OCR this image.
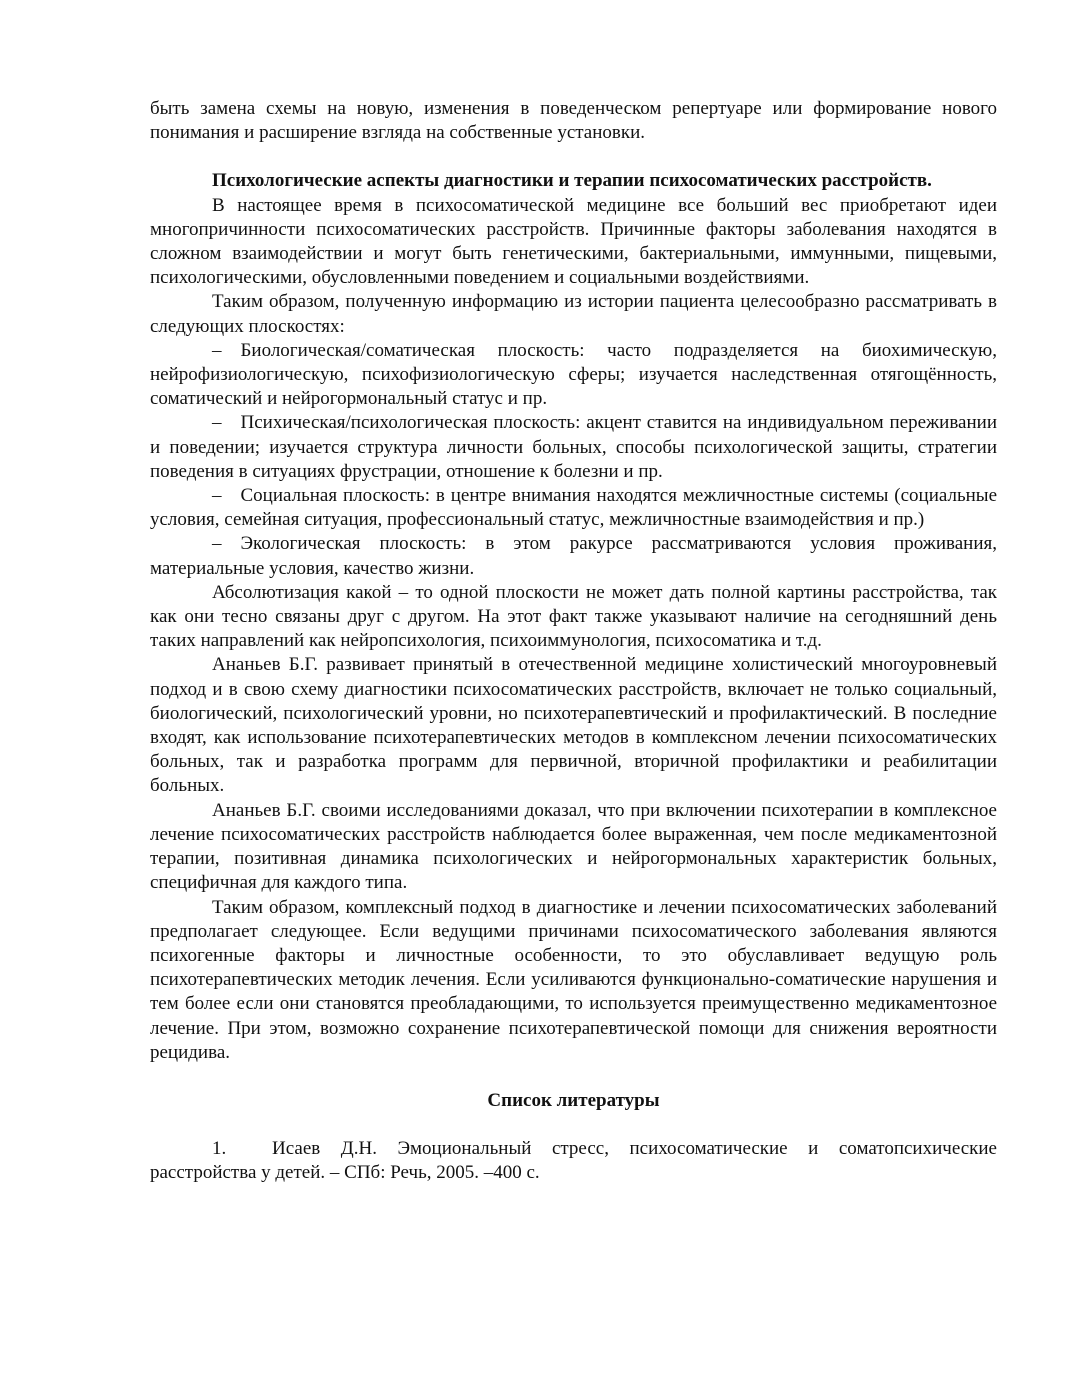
быть замена схемы на новую, изменения в поведенческом репертуаре или формирование нового понимания и расширение взгляда на собственные установки.

Психологические аспекты диагностики и терапии психосоматических расстройств.

В настоящее время в психосоматической медицине все больший вес приобретают идеи многопричинности психосоматических расстройств. Причинные факторы заболевания находятся в сложном взаимодействии и могут быть генетическими, бактериальными, иммунными, пищевыми, психологическими, обусловленными поведением и социальными воздействиями.

Таким образом, полученную информацию из истории пациента целесообразно рассматривать в следующих плоскостях:

– Биологическая/соматическая плоскость: часто подразделяется на биохимическую, нейрофизиологическую, психофизиологическую сферы; изучается наследственная отягощённость, соматический и нейрогормональный статус и пр.

– Психическая/психологическая плоскость: акцент ставится на индивидуальном переживании и поведении; изучается структура личности больных, способы психологической защиты, стратегии поведения в ситуациях фрустрации, отношение к болезни и пр.

– Социальная плоскость: в центре внимания находятся межличностные системы (социальные условия, семейная ситуация, профессиональный статус, межличностные взаимодействия и пр.)

– Экологическая плоскость: в этом ракурсе рассматриваются условия проживания, материальные условия, качество жизни.

Абсолютизация какой – то одной плоскости не может дать полной картины расстройства, так как они тесно связаны друг с другом. На этот факт также указывают наличие на сегодняшний день таких направлений как нейропсихология, психоиммунология, психосоматика и т.д.

Ананьев Б.Г. развивает принятый в отечественной медицине холистический многоуровневый подход и в свою схему диагностики психосоматических расстройств, включает не только социальный, биологический, психологический уровни, но психотерапевтический и профилактический. В последние входят, как использование психотерапевтических методов в комплексном лечении психосоматических больных, так и разработка программ для первичной, вторичной профилактики и реабилитации больных.

Ананьев Б.Г. своими исследованиями доказал, что при включении психотерапии в комплексное лечение психосоматических расстройств наблюдается более выраженная, чем после медикаментозной терапии, позитивная динамика психологических и нейрогормональных характеристик больных, специфичная для каждого типа.

Таким образом, комплексный подход в диагностике и лечении психосоматических заболеваний предполагает следующее. Если ведущими причинами психосоматического заболевания являются психогенные факторы и личностные особенности, то это обуславливает ведущую роль психотерапевтических методик лечения. Если усиливаются функционально-соматические нарушения и тем более если они становятся преобладающими, то используется преимущественно медикаментозное лечение. При этом, возможно сохранение психотерапевтической помощи для снижения вероятности рецидива.

Список литературы

1. Исаев Д.Н. Эмоциональный стресс, психосоматические и соматопсихические расстройства у детей. – СПб: Речь, 2005. –400 с.
